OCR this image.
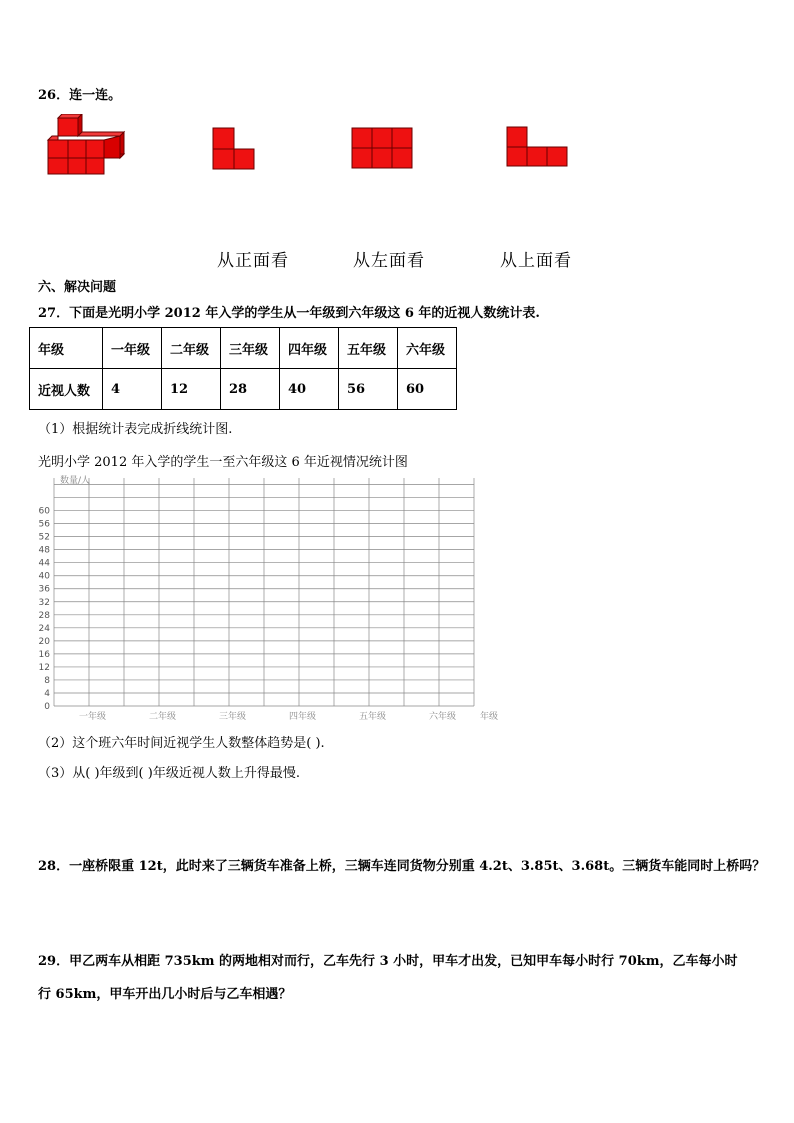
26．连一连。
从正面看	从左面看	从上面看
六、解决问题
27．下面是光明小学 2012 年入学的学生从一年级到六年级这 6 年的近视人数统计表.
年级	一年级	二年级	三年级	四年级	五年级	六年级
近视人数	4	12	28	40	56	60
（1）根据统计表完成折线统计图.
光明小学 2012 年入学的学生一至六年级这 6 年近视情况统计图
0
4
8
12
16
20
24
28
32
36
40
44
48
52
56
60
一年级	二年级	三年级	四年级	五年级	六年级
数量/人
年级
（2）这个班六年时间近视学生人数整体趋势是( ).
（3）从( )年级到( )年级近视人数上升得最慢.
28．一座桥限重 12t，此时来了三辆货车准备上桥，三辆车连同货物分别重 4.2t、3.85t、3.68t。三辆货车能同时上桥吗？
29．甲乙两车从相距 735km 的两地相对而行，乙车先行 3 小时，甲车才出发，已知甲车每小时行 70km，乙车每小时
行 65km，甲车开出几小时后与乙车相遇？
